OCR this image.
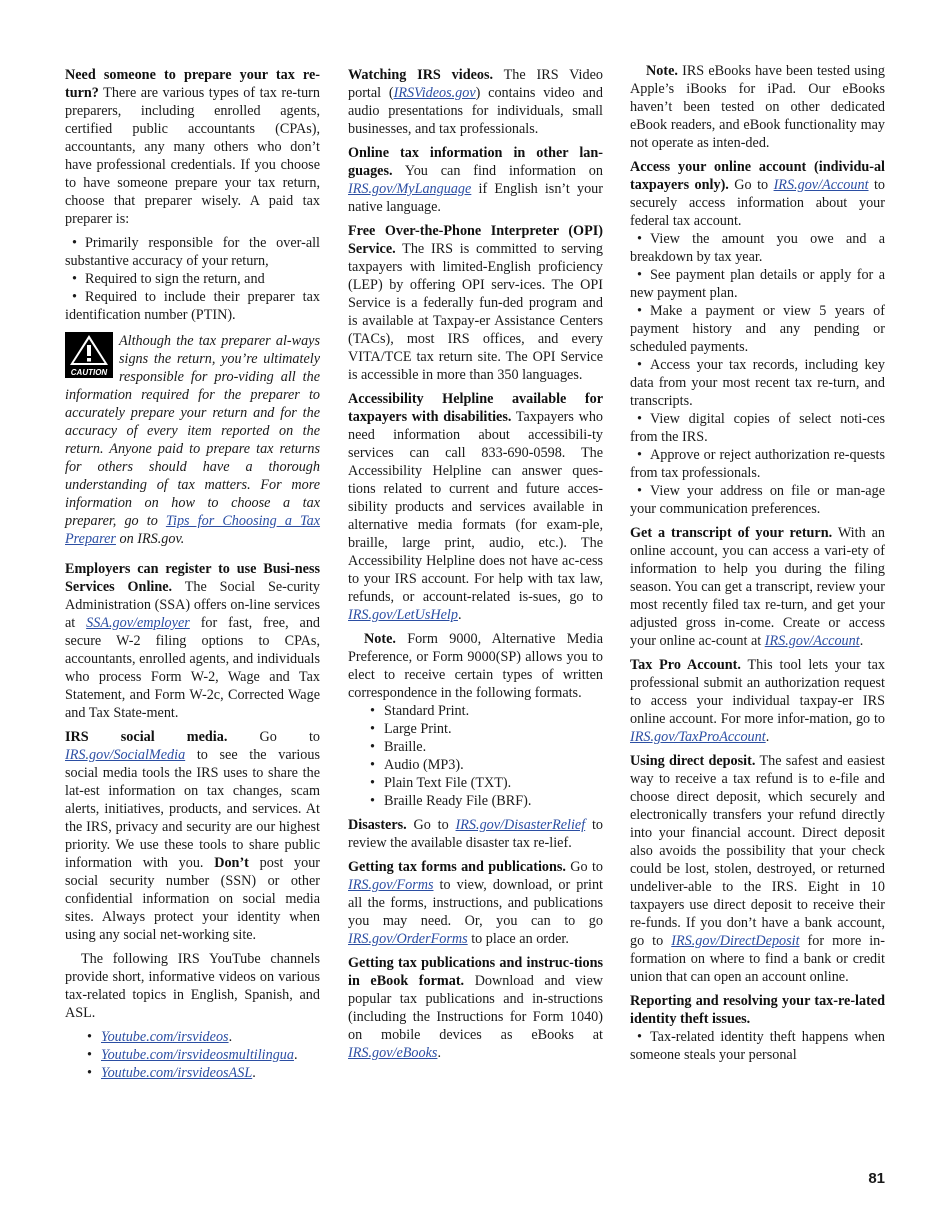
Need someone to prepare your tax re-turn? There are various types of tax re-turn preparers, including enrolled agents, certified public accountants (CPAs), accountants, any many others who don’t have professional credentials. If you choose to have someone prepare your tax return, choose that preparer wisely. A paid tax preparer is:

• Primarily responsible for the over-all substantive accuracy of your return,

• Required to sign the return, and

• Required to include their preparer tax identification number (PTIN).

CAUTION
Although the tax preparer al-ways signs the return, you’re ultimately responsible for pro-viding all the information required for the preparer to accurately prepare your return and for the accuracy of every item reported on the return. Anyone paid to prepare tax returns for others should have a thorough understanding of tax matters. For more information on how to choose a tax preparer, go to Tips for Choosing a Tax Preparer on IRS.gov.

Employers can register to use Busi-ness Services Online. The Social Se-curity Administration (SSA) offers on-line services at SSA.gov/employer for fast, free, and secure W-2 filing options to CPAs, accountants, enrolled agents, and individuals who process Form W-2, Wage and Tax Statement, and Form W-2c, Corrected Wage and Tax State-ment.

IRS social media. Go to IRS.gov/SocialMedia to see the various social media tools the IRS uses to share the lat-est information on tax changes, scam alerts, initiatives, products, and services. At the IRS, privacy and security are our highest priority. We use these tools to share public information with you. Don’t post your social security number (SSN) or other confidential information on social media sites. Always protect your identity when using any social net-working site.

The following IRS YouTube channels provide short, informative videos on various tax-related topics in English, Spanish, and ASL.

• Youtube.com/irsvideos.
• Youtube.com/irsvideosmultilingua.
• Youtube.com/irsvideosASL.

Watching IRS videos. The IRS Video portal (IRSVideos.gov) contains video and audio presentations for individuals, small businesses, and tax professionals.

Online tax information in other lan-guages. You can find information on IRS.gov/MyLanguage if English isn’t your native language.

Free Over-the-Phone Interpreter (OPI) Service. The IRS is committed to serving taxpayers with limited-English proficiency (LEP) by offering OPI serv-ices. The OPI Service is a federally fun-ded program and is available at Taxpay-er Assistance Centers (TACs), most IRS offices, and every VITA/TCE tax return site. The OPI Service is accessible in more than 350 languages.

Accessibility Helpline available for taxpayers with disabilities. Taxpayers who need information about accessibili-ty services can call 833-690-0598. The Accessibility Helpline can answer ques-tions related to current and future acces-sibility products and services available in alternative media formats (for exam-ple, braille, large print, audio, etc.). The Accessibility Helpline does not have ac-cess to your IRS account. For help with tax law, refunds, or account-related is-sues, go to IRS.gov/LetUsHelp.

Note. Form 9000, Alternative Media Preference, or Form 9000(SP) allows you to elect to receive certain types of written correspondence in the following formats.

• Standard Print.
• Large Print.
• Braille.
• Audio (MP3).
• Plain Text File (TXT).
• Braille Ready File (BRF).

Disasters. Go to IRS.gov/DisasterRelief to review the available disaster tax re-lief.

Getting tax forms and publications. Go to IRS.gov/Forms to view, download, or print all the forms, instructions, and publications you may need. Or, you can to go IRS.gov/OrderForms to place an order.

Getting tax publications and instruc-tions in eBook format. Download and view popular tax publications and in-structions (including the Instructions for Form 1040) on mobile devices as eBooks at IRS.gov/eBooks.

Note. IRS eBooks have been tested using Apple’s iBooks for iPad. Our eBooks haven’t been tested on other dedicated eBook readers, and eBook functionality may not operate as inten-ded.

Access your online account (individu-al taxpayers only). Go to IRS.gov/Account to securely access information about your federal tax account.

• View the amount you owe and a breakdown by tax year.

• See payment plan details or apply for a new payment plan.

• Make a payment or view 5 years of payment history and any pending or scheduled payments.

• Access your tax records, including key data from your most recent tax re-turn, and transcripts.

• View digital copies of select noti-ces from the IRS.

• Approve or reject authorization re-quests from tax professionals.

• View your address on file or man-age your communication preferences.

Get a transcript of your return. With an online account, you can access a vari-ety of information to help you during the filing season. You can get a transcript, review your most recently filed tax re-turn, and get your adjusted gross in-come. Create or access your online ac-count at IRS.gov/Account.

Tax Pro Account. This tool lets your tax professional submit an authorization request to access your individual taxpay-er IRS online account. For more infor-mation, go to IRS.gov/TaxProAccount.

Using direct deposit. The safest and easiest way to receive a tax refund is to e-file and choose direct deposit, which securely and electronically transfers your refund directly into your financial account. Direct deposit also avoids the possibility that your check could be lost, stolen, destroyed, or returned undeliver-able to the IRS. Eight in 10 taxpayers use direct deposit to receive their re-funds. If you don’t have a bank account, go to IRS.gov/DirectDeposit for more in-formation on where to find a bank or credit union that can open an account online.

Reporting and resolving your tax-re-lated identity theft issues.

• Tax-related identity theft happens when someone steals your personal

81
